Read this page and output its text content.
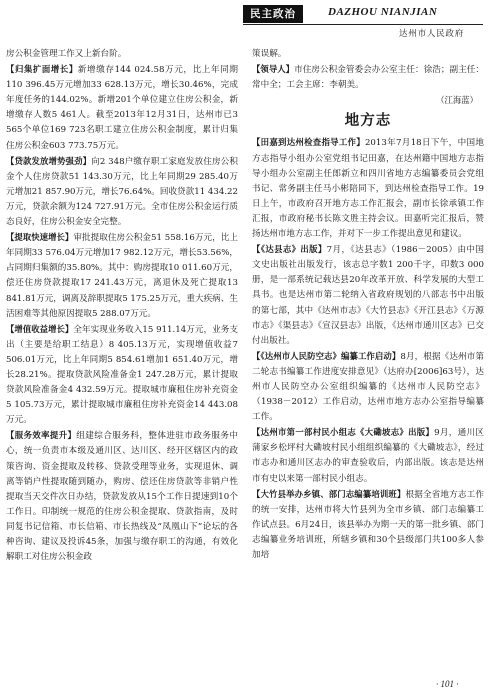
民主政治	DAZHOU NIANJIAN
达州市人民政府

房公积金管理工作又上新台阶。

【归集扩面增长】新增缴存144 024.58万元，比上年同期110 396.45万元增加33 628.13万元，增长30.46%，完成年度任务的144.02%。新增201个单位建立住房公积金，新增缴存人数5 461人。截至2013年12月31日，达州市已3 565个单位169 723名职工建立住房公积金制度，累计归集住房公积金603 773.75万元。

【贷款发放增势强劲】向2 348户缴存职工家庭发放住房公积金个人住房贷款51 143.30万元，比上年同期29 285.40万元增加21 857.90万元，增长76.64%。回收贷款11 434.22万元，贷款余额为124 727.91万元。全市住房公积金运行质态良好，住房公积金安全完整。

【提取快速增长】审批提取住房公积金51 558.16万元，比上年同期33 576.04万元增加17 982.12万元，增长53.56%，占同期归集额的35.80%。其中：购房提取10 011.60万元，偿还住房贷款提取17 241.43万元，离退休及死亡提取13 841.81万元，调离及辞职提取5 175.25万元，重大疾病、生活困难等其他原因提取5 288.07万元。

【增值收益增长】全年实现业务收入15 911.14万元，业务支出（主要是给职工结息）8 405.13万元，实现增值收益7 506.01万元，比上年同期5 854.61增加1 651.40万元，增长28.21%。提取贷款风险准备金1 247.28万元，累计提取贷款风险准备金4 432.59万元。提取城市廉租住房补充资金5 105.73万元，累计提取城市廉租住房补充资金14 443.08万元。

【服务效率提升】组建综合服务科，整体进驻市政务服务中心，统一负责市本级及通川区、达川区、经开区辖区内的政策咨询、资金提取及转移、贷款受理等业务，实现退休、调离等销户性提取随到随办，购房、偿还住房贷款等非销户性提取当天交件次日办结，贷款发放从15个工作日提速到10个工作日。印制统一规范的住房公积金提取、贷款指南，及时同复书记信箱、市长信箱、市长热线及“凤凰山下”论坛的各种咨询、建议及投诉45条，加强与缴存职工的沟通，有效化解职工对住房公积金政

策误解。

【领导人】市住房公积金管委会办公室主任：徐浩；副主任：常中全；工会主席：李朝美。

（江海蓝）

地方志

【田嘉到达州检查指导工作】2013年7月18日下午，中国地方志指导小组办公室党组书记田嘉，在达州籍中国地方志指导小组办公室副主任郎新立和四川省地方志编纂委员会党组书记、常务副主任马小彬陪同下，到达州检查指导工作。19日上午，市政府召开地方志工作汇报会，副市长徐承镇工作汇报，市政府秘书长陈文胜主持会议。田嘉听完汇报后，赞扬达州市地方志工作，并对下一步工作提出意见和建议。

【《达县志》出版】7月，《达县志》（1986－2005）由中国文史出版社出版发行，该志总字数1 200千字，印数3 000册，是一部系统记载达县20年改革开放、科学发展的大型工具书。也是达州市第二轮纳入省政府规划的八部志书中出版的第七部，其中《达州市志》《大竹县志》《开江县志》《万源市志》《渠县志》《宣汉县志》出版，《达州市通川区志》已交付出版社。

【《达州市人民防空志》编纂工作启动】8月，根据《达州市第二轮志书编纂工作进度安排意见》（达府办[2006]63号），达州市人民防空办公室组织编纂的《达州市人民防空志》（1938－2012）工作启动，达州市地方志办公室指导编纂工作。

【达州市第一部村民小组志《大磡坡志》出版】9月，通川区蒲家乡松坪村大磡坡村民小组组织编纂的《大磡坡志》，经过市志办和通川区志办的审查验收后，内部出版。该志是达州市有史以来第一部村民小组志。

【大竹县举办乡镇、部门志编纂培训班】根据全省地方志工作的统一安排，达州市将大竹县列为全市乡镇、部门志编纂工作试点县。6月24日，该县举办为期一天的第一批乡镇、部门志编纂业务培训班，所辖乡镇和30个县级部门共100多人参加培

· 101 ·
